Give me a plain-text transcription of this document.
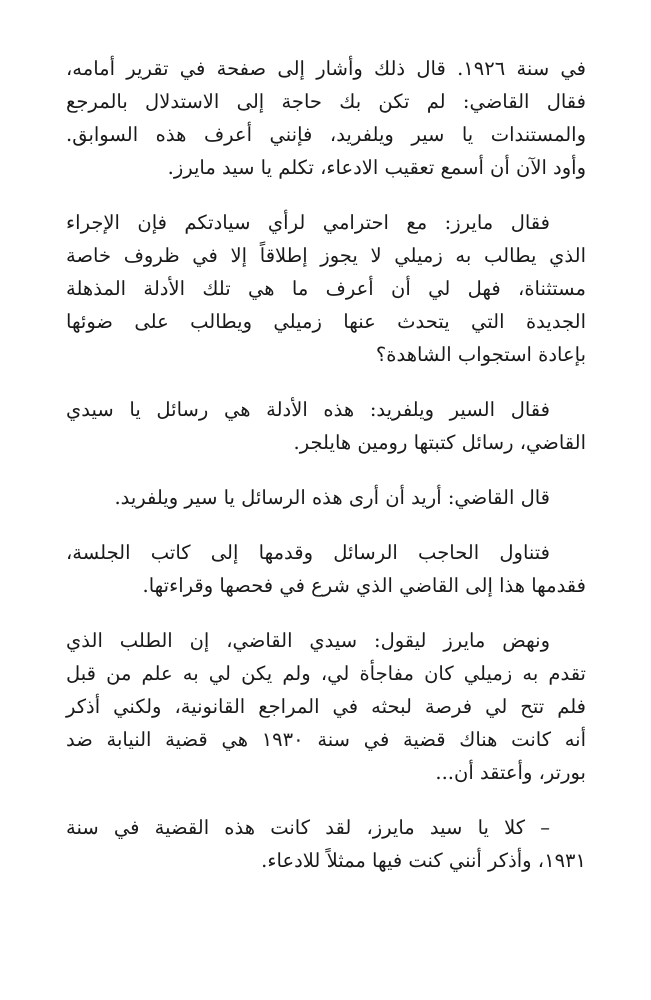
في سنة ١٩٢٦. قال ذلك وأشار إلى صفحة في تقرير أمامه،
فقال القاضي: لم تكن بك حاجة إلى الاستدلال بالمرجع
والمستندات يا سير ويلفريد، فإنني أعرف هذه السوابق.
وأود الآن أن أسمع تعقيب الادعاء، تكلم يا سيد مايرز.
فقال مايرز: مع احترامي لرأي سيادتكم فإن الإجراء
الذي يطالب به زميلي لا يجوز إطلاقاً إلا في ظروف خاصة
مستثناة، فهل لي أن أعرف ما هي تلك الأدلة المذهلة
الجديدة التي يتحدث عنها زميلي ويطالب على ضوئها
بإعادة استجواب الشاهدة؟
فقال السير ويلفريد: هذه الأدلة هي رسائل يا سيدي
القاضي، رسائل كتبتها رومين هايلجر.
قال القاضي: أريد أن أرى هذه الرسائل يا سير ويلفريد.
فتناول الحاجب الرسائل وقدمها إلى كاتب الجلسة،
فقدمها هذا إلى القاضي الذي شرع في فحصها وقراءتها.
ونهض مايرز ليقول: سيدي القاضي، إن الطلب الذي
تقدم به زميلي كان مفاجأة لي، ولم يكن لي به علم من قبل
فلم تتح لي فرصة لبحثه في المراجع القانونية، ولكني أذكر
أنه كانت هناك قضية في سنة ١٩٣٠ هي قضية النيابة ضد
بورتر، وأعتقد أن...
– كلا يا سيد مايرز، لقد كانت هذه القضية في سنة
١٩٣١، وأذكر أنني كنت فيها ممثلاً للادعاء.
